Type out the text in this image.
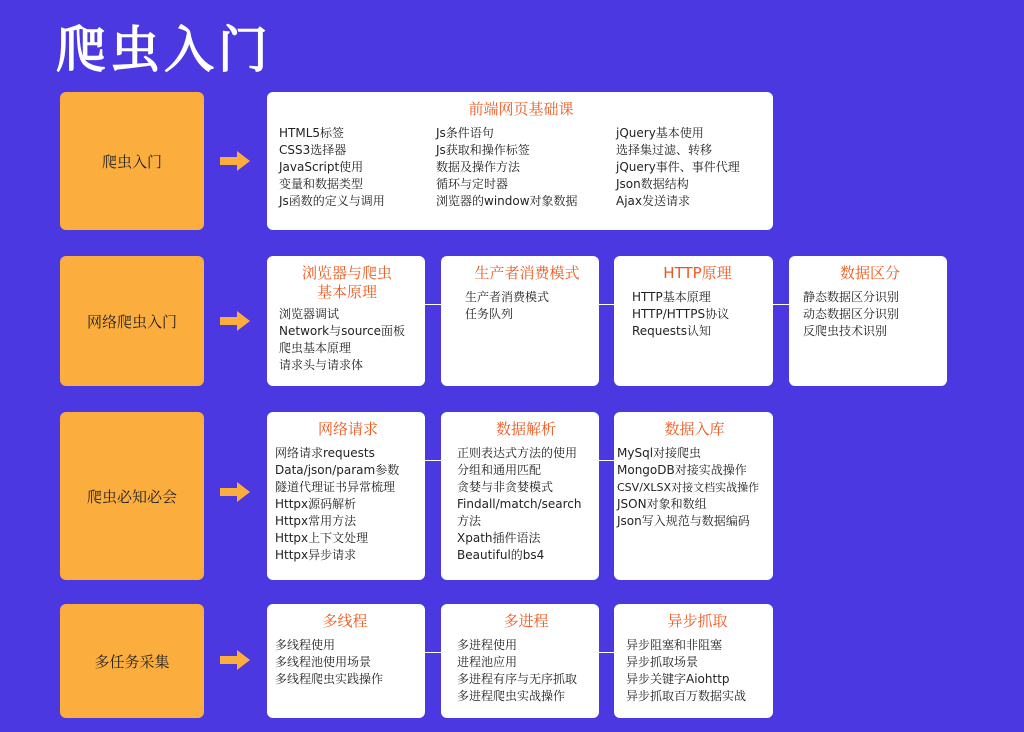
爬虫入门
爬虫入门
前端网页基础课
HTML5标签
CSS3选择器
JavaScript使用
变量和数据类型
Js函数的定义与调用
Js条件语句
Js获取和操作标签
数据及操作方法
循环与定时器
浏览器的window对象数据
jQuery基本使用
选择集过滤、转移
jQuery事件、事件代理
Json数据结构
Ajax发送请求
网络爬虫入门
浏览器与爬虫
基本原理
浏览器调试
Network与source面板
爬虫基本原理
请求头与请求体
生产者消费模式
生产者消费模式
任务队列
HTTP原理
HTTP基本原理
HTTP/HTTPS协议
Requests认知
数据区分
静态数据区分识别
动态数据区分识别
反爬虫技术识别
爬虫必知必会
网络请求
网络请求requests
Data/json/param参数
隧道代理证书异常梳理
Httpx源码解析
Httpx常用方法
Httpx上下文处理
Httpx异步请求
数据解析
正则表达式方法的使用
分组和通用匹配
贪婪与非贪婪模式
Findall/match/search
方法
Xpath插件语法
Beautiful的bs4
数据入库
MySql对接爬虫
MongoDB对接实战操作
CSV/XLSX对接文档实战操作
JSON对象和数组
Json写入规范与数据编码
多任务采集
多线程
多线程使用
多线程池使用场景
多线程爬虫实践操作
多进程
多进程使用
进程池应用
多进程有序与无序抓取
多进程爬虫实战操作
异步抓取
异步阻塞和非阻塞
异步抓取场景
异步关键字Aiohttp
异步抓取百万数据实战
